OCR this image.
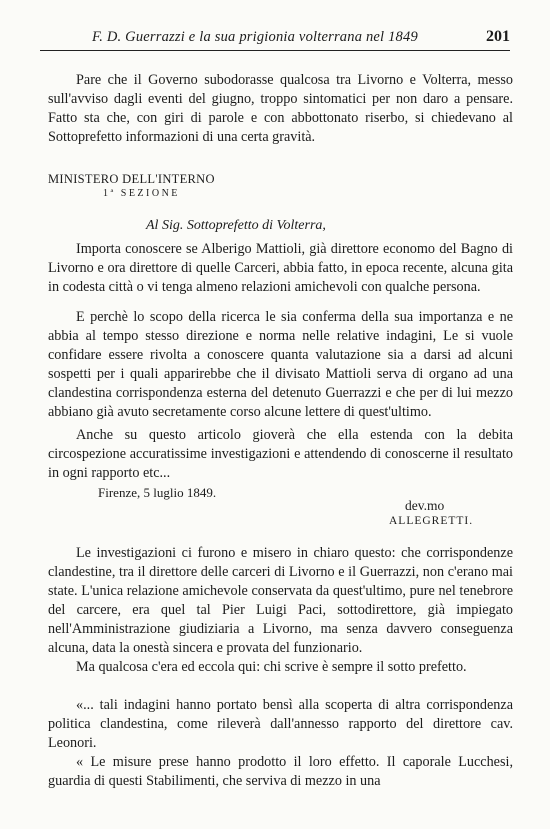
F. D. Guerrazzi e la sua prigionia volterrana nel 1849	201

Pare che il Governo subodorasse qualcosa tra Livorno e Volterra, messo sull'avviso dagli eventi del giugno, troppo sintomatici per non daro a pensare. Fatto sta che, con giri di parole e con abbottonato riserbo, si chiedevano al Sottoprefetto informazioni di una certa gravità.

MINISTERO DELL'INTERNO
1ª SEZIONE
Al Sig. Sottoprefetto di Volterra,

Importa conoscere se Alberigo Mattioli, già direttore economo del Bagno di Livorno e ora direttore di quelle Carceri, abbia fatto, in epoca recente, alcuna gita in codesta città o vi tenga almeno relazioni amichevoli con qualche persona.

E perchè lo scopo della ricerca le sia conferma della sua importanza e ne abbia al tempo stesso direzione e norma nelle relative indagini, Le si vuole confidare essere rivolta a conoscere quanta valutazione sia a darsi ad alcuni sospetti per i quali apparirebbe che il divisato Mattioli serva di organo ad una clandestina corrispondenza esterna del detenuto Guerrazzi e che per di lui mezzo abbiano già avuto secretamente corso alcune lettere di quest'ultimo.

Anche su questo articolo gioverà che ella estenda con la debita circospezione accuratissime investigazioni e attendendo di conoscerne il resultato in ogni rapporto etc...

Firenze, 5 luglio 1849.
dev.mo
ALLEGRETTI.

Le investigazioni ci furono e misero in chiaro questo: che corrispondenze clandestine, tra il direttore delle carceri di Livorno e il Guerrazzi, non c'erano mai state. L'unica relazione amichevole conservata da quest'ultimo, pure nel tenebrore del carcere, era quel tal Pier Luigi Paci, sottodirettore, già impiegato nell'Amministrazione giudiziaria a Livorno, ma senza davvero conseguenza alcuna, data la onestà sincera e provata del funzionario.

Ma qualcosa c'era ed eccola qui: chi scrive è sempre il sotto prefetto.

«... tali indagini hanno portato bensì alla scoperta di altra corrispondenza politica clandestina, come rileverà dall'annesso rapporto del direttore cav. Leonori.

« Le misure prese hanno prodotto il loro effetto. Il caporale Lucchesi, guardia di questi Stabilimenti, che serviva di mezzo in una
